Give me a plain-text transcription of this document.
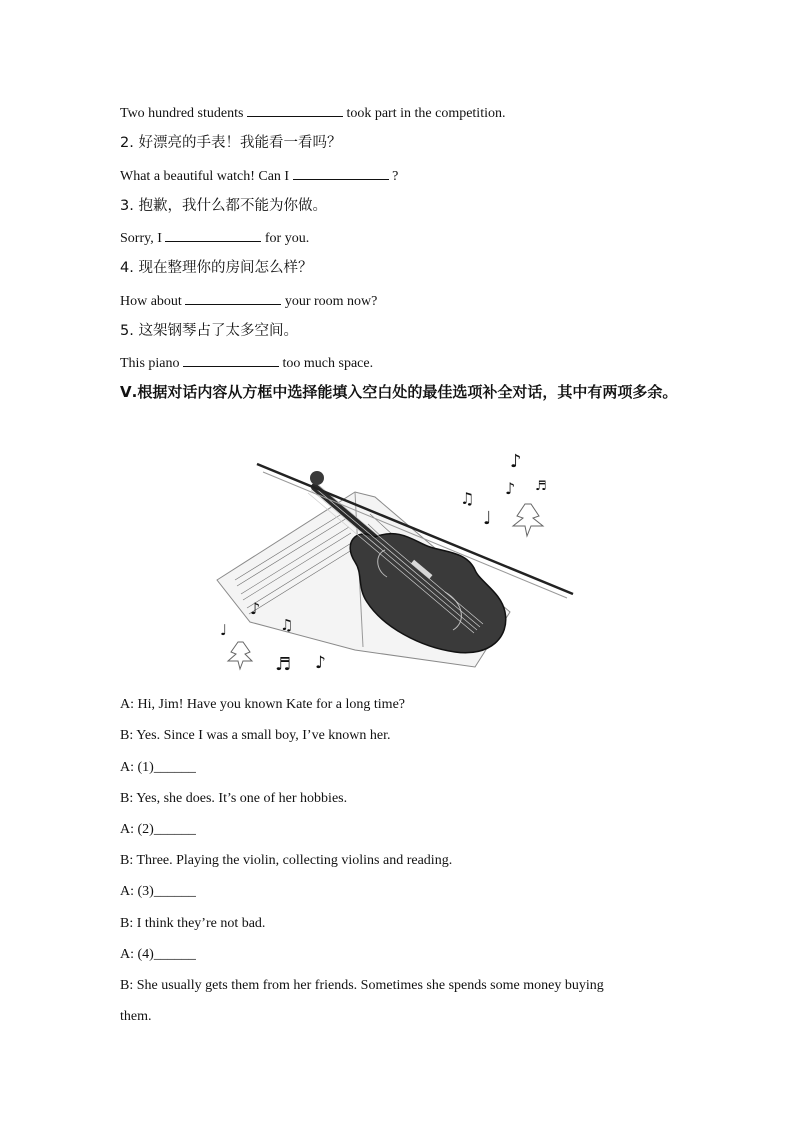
Two hundred students	took part in the competition.
2. 好漂亮的手表！我能看一看吗？
What a beautiful watch! Can I	?
3. 抱歉，我什么都不能为你做。
Sorry, I	for you.
4. 现在整理你的房间怎么样？
How about	your room now?
5. 这架钢琴占了太多空间。
This piano	too much space.
Ⅴ.根据对话内容从方框中选择能填入空白处的最佳选项补全对话，其中有两项多余。
♪
♫
♪
♩
♬
♪
♫
♩
♬ ♪
A: Hi, Jim! Have you known Kate for a long time?
B: Yes. Since I was a small boy, I’ve known her.
A: (1)______
B: Yes, she does. It’s one of her hobbies.
A: (2)______
B: Three. Playing the violin, collecting violins and reading.
A: (3)______
B: I think they’re not bad.
A: (4)______
B: She usually gets them from her friends. Sometimes she spends some money buying
them.
